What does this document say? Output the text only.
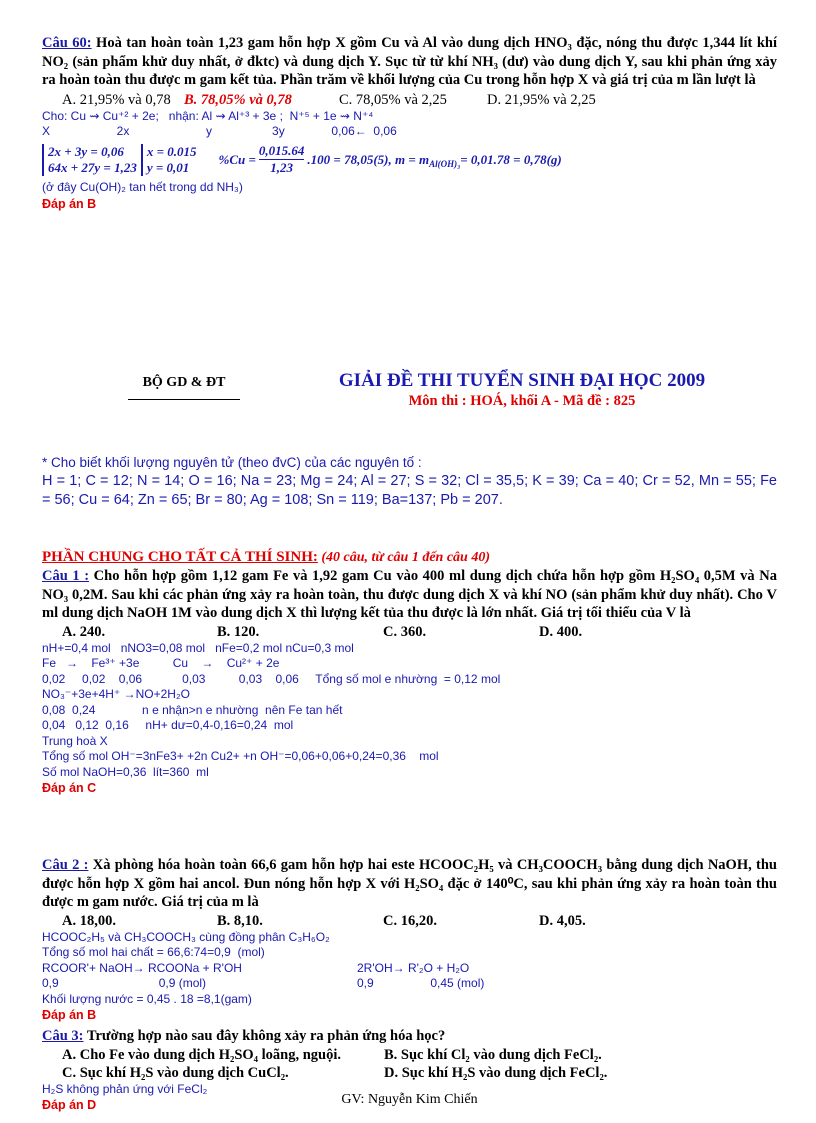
Câu 60: Hoà tan hoàn toàn 1,23 gam hỗn hợp X gồm Cu và Al vào dung dịch HNO₃ đặc, nóng thu được 1,344 lít khí NO₂ (sản phẩm khử duy nhất, ở đktc) và dung dịch Y. Sục từ từ khí NH₃ (dư) vào dung dịch Y, sau khi phản ứng xảy ra hoàn toàn thu được m gam kết tủa. Phần trăm về khối lượng của Cu trong hỗn hợp X và giá trị của m lần lượt là
A. 21,95% và 0,78 B. 78,05% và 0,78	C. 78,05% và 2,25	D. 21,95% và 2,25
Cho: Cu ⇝ Cu⁺² + 2e;   nhận: Al ⇝ Al⁺³ + 3e ;  N⁺⁵ + 1e ⇝ N⁺⁴
X                    2x                       y                  3y              0,06←  0,06
2x + 3y = 0,06
64x + 27y = 1,23
x = 0.015
y = 0,01
$\%Cu = \frac{0,015.64}{1,23} .100 = 78,05(5)$, m = m Al(OH)₃ = 0,01.78 = 0,78(g)
(ở đây Cu(OH)₂ tan hết trong dd NH₃)
Đáp án B
BỘ GD & ĐT	GIẢI ĐỀ THI TUYỂN SINH ĐẠI HỌC 2009
Môn thi : HOÁ, khối A - Mã đề : 825
* Cho biết khối lượng nguyên tử (theo đvC) của các nguyên tố :
H = 1; C = 12; N = 14; O = 16; Na = 23; Mg = 24; Al = 27; S = 32; Cl = 35,5; K = 39; Ca = 40; Cr = 52, Mn = 55; Fe = 56; Cu = 64; Zn = 65; Br = 80; Ag = 108; Sn = 119; Ba=137; Pb = 207.
PHẦN CHUNG CHO TẤT CẢ THÍ SINH: (40 câu, từ câu 1 đến câu 40)
Câu 1 : Cho hỗn hợp gồm 1,12 gam Fe và 1,92 gam Cu vào 400 ml dung dịch chứa hỗn hợp gồm H₂SO₄ 0,5M và Na NO₃ 0,2M. Sau khi các phản ứng xảy ra hoàn toàn, thu được dung dịch X và khí NO (sản phẩm khử duy nhất). Cho V ml dung dịch NaOH 1M vào dung dịch X thì lượng kết tủa thu được là lớn nhất. Giá trị tối thiểu của V là
A. 240.	B. 120.	C. 360.	D. 400.
nH+=0,4 mol   nNO3=0,08 mol   nFe=0,2 mol nCu=0,3 mol
Fe   →    Fe³⁺ +3e          Cu    →    Cu²⁺ + 2e
0,02     0,02    0,06            0,03          0,03    0,06     Tổng số mol e nhường  = 0,12 mol
NO₃⁻+3e+4H⁺ →NO+2H₂O
0,08  0,24              n e nhận>n e nhường  nên Fe tan hết
0,04   0,12  0,16     nH+ dư=0,4-0,16=0,24  mol
Trung hoà X
Tổng số mol OH⁻=3nFe3+ +2n Cu2+ +n OH⁻=0,06+0,06+0,24=0,36    mol
Số mol NaOH=0,36  lít=360  ml
Đáp án C
Câu 2 : Xà phòng hóa hoàn toàn 66,6 gam hỗn hợp hai este HCOOC₂H₅ và CH₃COOCH₃ bằng dung dịch NaOH, thu được hỗn hợp X gồm hai ancol. Đun nóng hỗn hợp X với H₂SO₄ đặc ở 140⁰C, sau khi phản ứng xảy ra hoàn toàn thu được m gam nước. Giá trị của m là
A. 18,00.	B. 8,10.	C. 16,20.	D. 4,05.
HCOOC₂H₅ và CH₃COOCH₃ cùng đồng phân C₃H₆O₂
Tổng số mol hai chất = 66,6:74=0,9  (mol)
RCOOR'+ NaOH→ RCOONa + R'OH	2R'OH→ R'₂O + H₂O
0,9                              0,9 (mol)	0,9                 0,45 (mol)
Khối lượng nước = 0,45 . 18 =8,1(gam)
Đáp án B
Câu 3: Trường hợp nào sau đây không xảy ra phản ứng hóa học?
A. Cho Fe vào dung dịch H₂SO₄ loãng, nguội.	B. Sục khí Cl₂ vào dung dịch FeCl₂.
C. Sục khí H₂S vào dung dịch CuCl₂.	D. Sục khí H₂S vào dung dịch FeCl₂.
H₂S không phản ứng với FeCl₂
Đáp án D	GV: Nguyễn Kim Chiến
